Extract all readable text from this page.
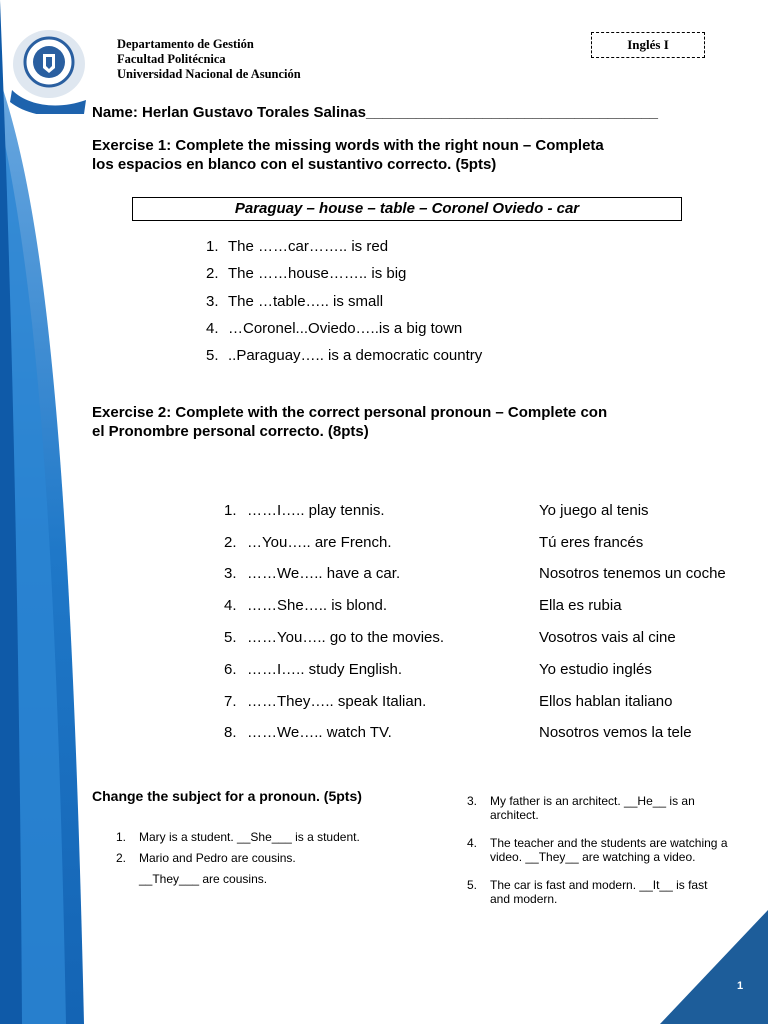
Departamento de Gestión
Facultad Politécnica
Universidad Nacional de Asunción
Inglés I
Name: Herlan Gustavo Torales Salinas___________________________________
Exercise 1: Complete the missing words with the right noun – Completa
los espacios en blanco con el sustantivo correcto. (5pts)
Paraguay – house – table – Coronel Oviedo - car
1. The ……car…….. is red
2. The ……house…….. is big
3. The …table….. is small
4. …Coronel...Oviedo…..is a big town
5. ..Paraguay….. is a democratic country
Exercise 2: Complete with the correct personal pronoun – Complete con
el Pronombre personal correcto. (8pts)
1. ……I….. play tennis.	Yo juego al tenis
2. …You….. are French.	Tú eres francés
3. ……We….. have a car.	Nosotros tenemos un coche
4. ……She….. is blond.	Ella es rubia
5. ……You….. go to the movies.	Vosotros vais al cine
6. ……I….. study English.	Yo estudio inglés
7. ……They….. speak Italian.	Ellos hablan italiano
8. ……We….. watch TV.	Nosotros vemos la tele
Change the subject for a pronoun. (5pts)
1. Mary is a student. __She___ is a student.
2. Mario and Pedro are cousins.
__They___ are cousins.
3. My father is an architect. __He__ is an
architect.
4. The teacher and the students are watching a
video. __They__ are watching a video.
5. The car is fast and modern. __It__ is fast
and modern.
1
